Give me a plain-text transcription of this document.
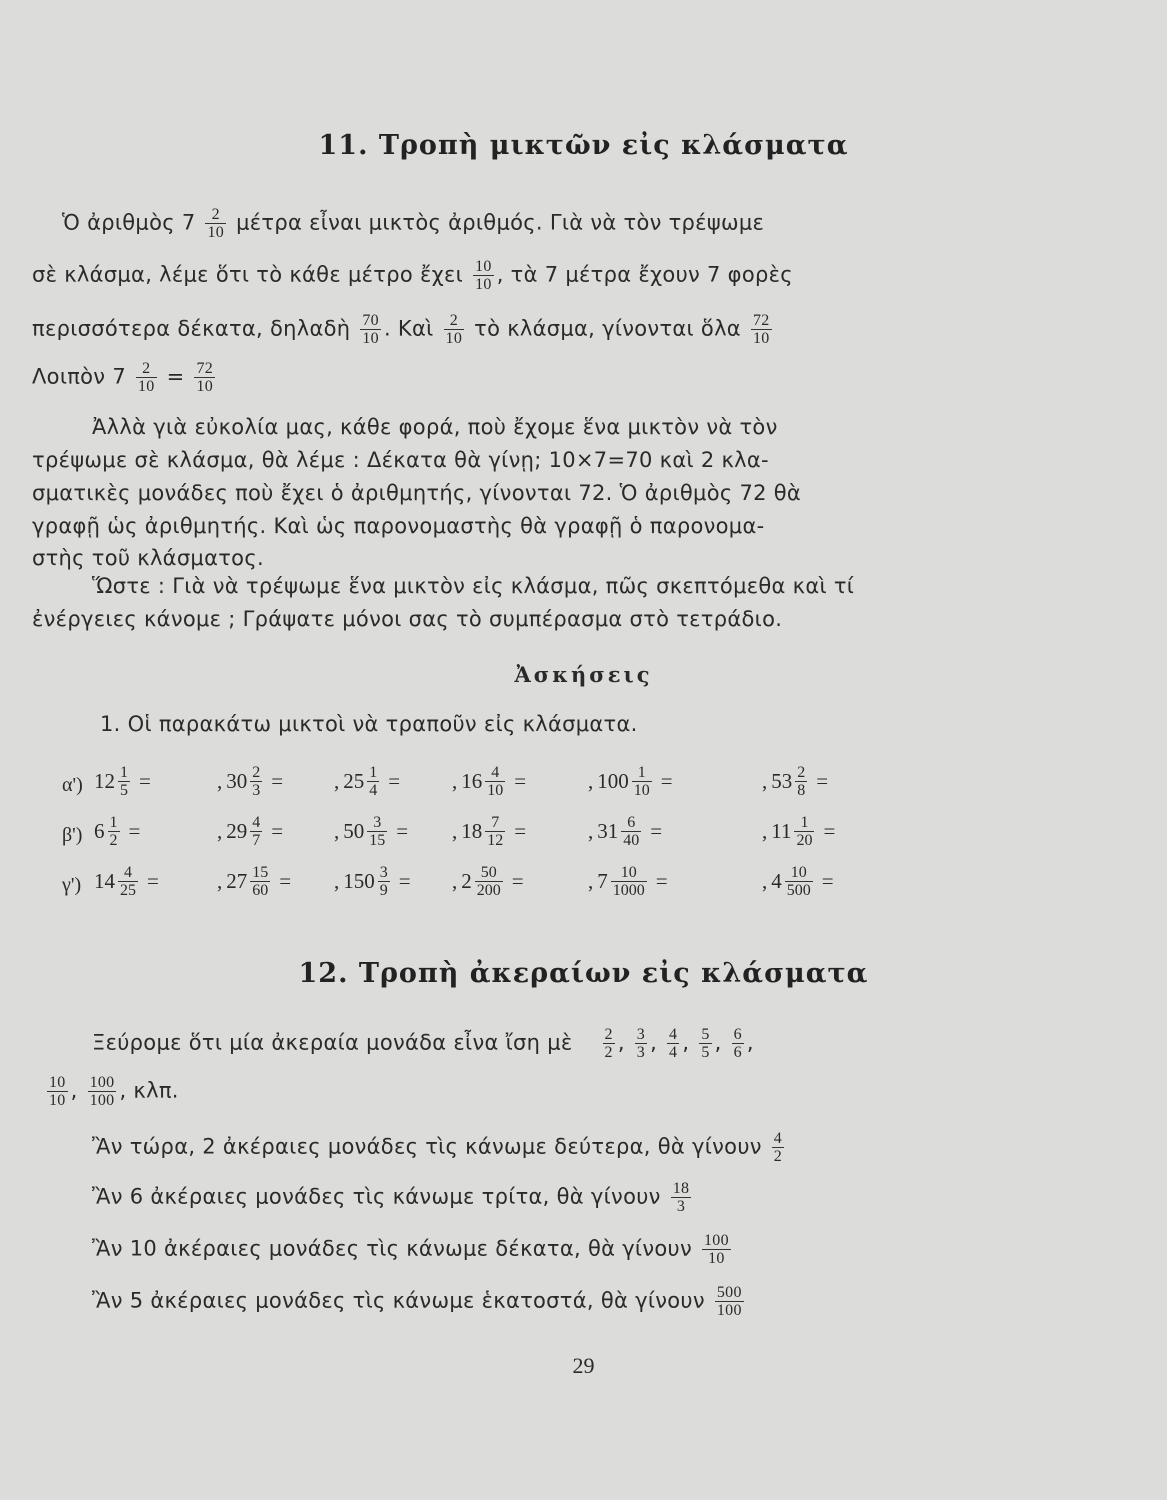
11. Τροπὴ μικτῶν εἰς κλάσματα
Ὁ ἀριθμὸς $7 \frac{2}{10}$ μέτρα εἶναι μικτὸς ἀριθμός. Γιὰ νὰ τὸν τρέψωμε
σὲ κλάσμα, λέμε ὅτι τὸ κάθε μέτρο ἔχει $\frac{10}{10}$ , τὰ 7 μέτρα ἔχουν 7 φορὲς
περισσότερα δέκατα, δηλαδὴ $\frac{70}{10}$ . Καὶ $\frac{2}{10}$ τὸ κλάσμα, γίνονται ὅλα $\frac{72}{10}$
Λοιπὸν $7 \frac{2}{10} = \frac{72}{10}$
Ἀλλὰ γιὰ εὐκολία μας, κάθε φορά, ποὺ ἔχομε ἕνα μικτὸν νὰ τὸν
τρέψωμε σὲ κλάσμα, θὰ λέμε : Δέκατα θὰ γίνῃ; 10×7=70 καὶ 2 κλα-
σματικὲς μονάδες ποὺ ἔχει ὁ ἀριθμητής, γίνονται 72. Ὁ ἀριθμὸς 72 θὰ
γραφῇ ὡς ἀριθμητής. Καὶ ὡς παρονομαστὴς θὰ γραφῇ ὁ παρονομα-
στὴς τοῦ κλάσματος.
Ὥστε : Γιὰ νὰ τρέψωμε ἕνα μικτὸν εἰς κλάσμα, πῶς σκεπτόμεθα καὶ τί
ἐνέργειες κάνομε ; Γράψατε μόνοι σας τὸ συμπέρασμα στὸ τετράδιο.
Ἀσκήσεις
1. Οἱ παρακάτω μικτοὶ νὰ τραποῦν εἰς κλάσματα.
α') $12 \frac{1}{5}$ =	, $30 \frac{2}{3}$ = , $25 \frac{1}{4}$ = , $16 \frac{4}{10}$ =	, $100 \frac{1}{10}$ =	, $53 \frac{2}{8}$ =
β') $6 \frac{1}{2}$ =	, $29 \frac{4}{7}$ = , $50 \frac{3}{15}$ = , $18 \frac{7}{12}$ =	, $31 \frac{6}{40}$ =	, $11 \frac{1}{20}$ =
γ') $14 \frac{4}{25}$ =	, $27 \frac{15}{60}$ = , $150 \frac{3}{9}$ = , $2 \frac{50}{200}$ =	, $7 \frac{10}{1000}$ =	, $4 \frac{10}{500}$ =
12. Τροπὴ ἀκεραίων εἰς κλάσματα
Ξεύρομε ὅτι μία ἀκεραία μονάδα εἶνα ἴση μὲ $\frac{2}{2}$ , $\frac{3}{3}$ , $\frac{4}{4}$ , $\frac{5}{5}$ , $\frac{6}{6}$ ,
$\frac{10}{10}$ , $\frac{100}{100}$ , κλπ.
Ἂν τώρα, 2 ἀκέραιες μονάδες τὶς κάνωμε δεύτερα, θὰ γίνουν $\frac{4}{2}$
Ἂν 6 ἀκέραιες μονάδες τὶς κάνωμε τρίτα, θὰ γίνουν $\frac{18}{3}$
Ἂν 10 ἀκέραιες μονάδες τὶς κάνωμε δέκατα, θὰ γίνουν $\frac{100}{10}$
Ἂν 5 ἀκέραιες μονάδες τὶς κάνωμε ἑκατοστά, θὰ γίνουν $\frac{500}{100}$
29
